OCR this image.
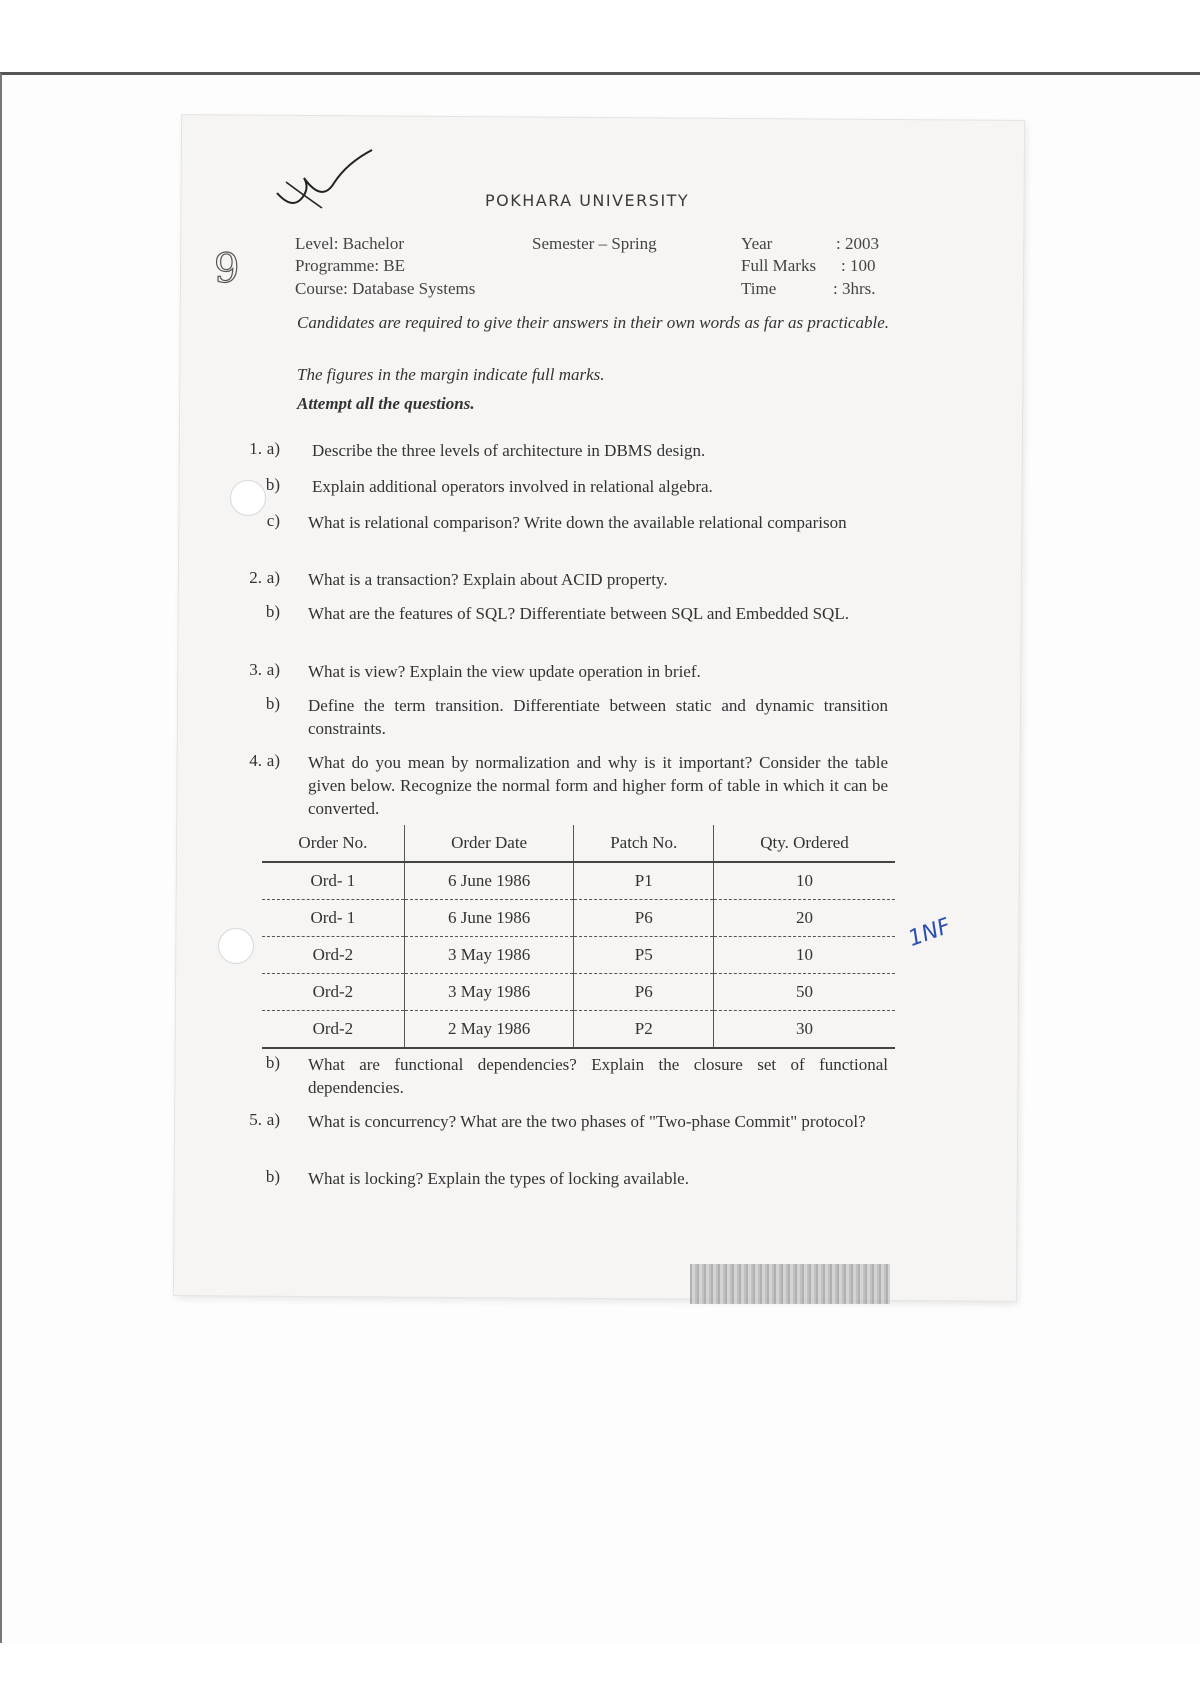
9
POKHARA UNIVERSITY
Level: Bachelor	Semester – Spring	Year	: 2003
Programme: BE	Full Marks : 100
Course: Database Systems	Time	: 3hrs.
Candidates are required to give their answers in their own words as far as practicable.
The figures in the margin indicate full marks.
Attempt all the questions.
1. a) Describe the three levels of architecture in DBMS design.
b) Explain additional operators involved in relational algebra.
c) What is relational comparison? Write down the available relational comparison
2. a) What is a transaction? Explain about ACID property.
b) What are the features of SQL? Differentiate between SQL and Embedded SQL.
3. a) What is view? Explain the view update operation in brief.
b) Define the term transition. Differentiate between static and dynamic transition constraints.
4. a) What do you mean by normalization and why is it important? Consider the table given below. Recognize the normal form and higher form of table in which it can be converted.
Order No.	Order Date	Patch No.	Qty. Ordered
Ord- 1	6 June 1986	P1	10
Ord- 1	6 June 1986	P6	20
Ord-2	3 May 1986	P5	10
Ord-2	3 May 1986	P6	50
Ord-2	2 May 1986	P2	30
1NF
b) What are functional dependencies? Explain the closure set of functional dependencies.
5. a) What is concurrency? What are the two phases of "Two-phase Commit" protocol?
b) What is locking? Explain the types of locking available.
